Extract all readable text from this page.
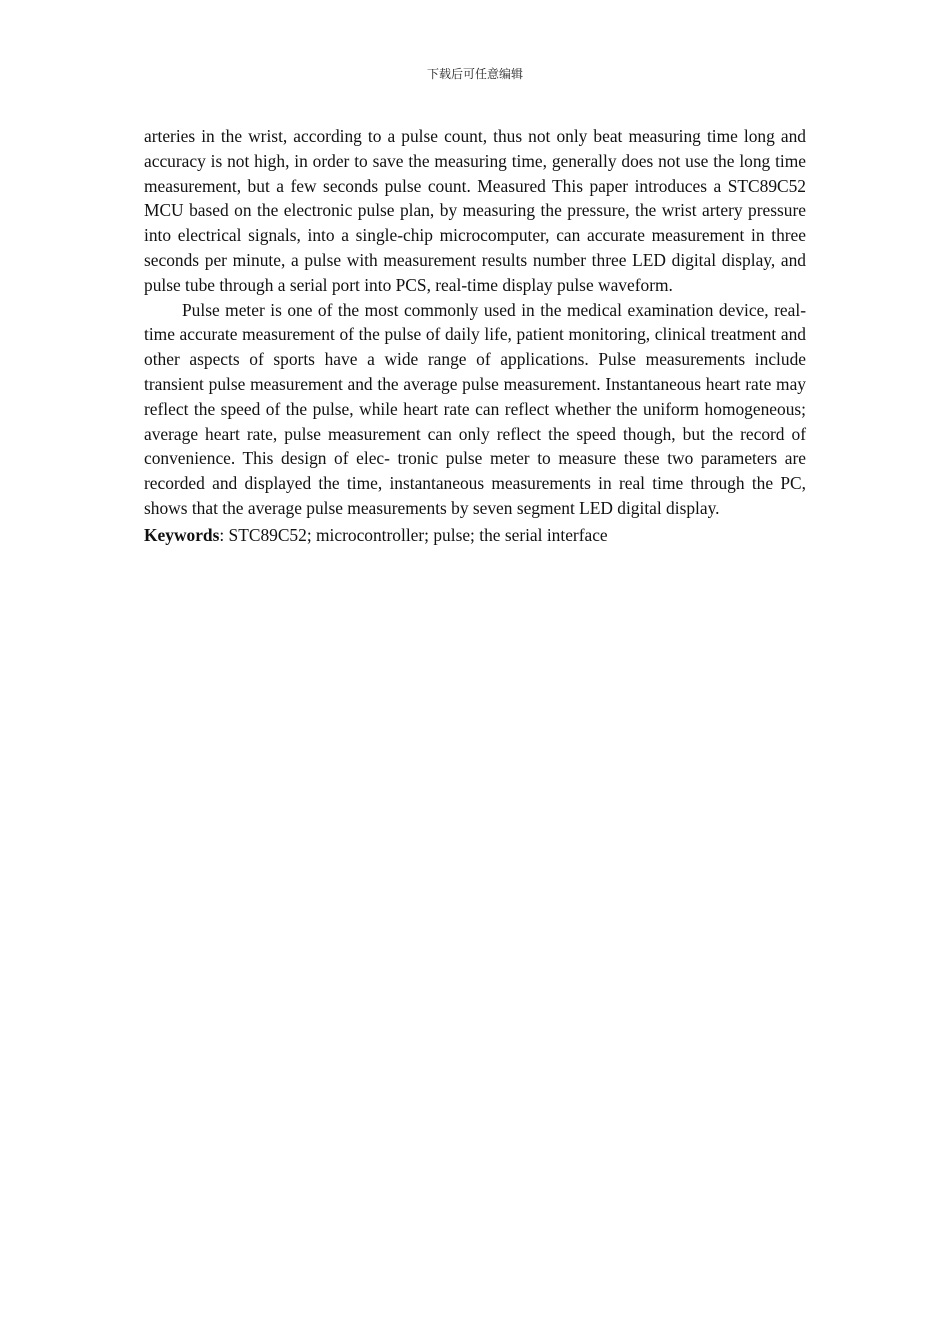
下载后可任意编辑

arteries in the wrist, according to a pulse count, thus not only beat measuring time long and accuracy is not high, in order to save the measuring time, generally does not use the long time measurement, but a few seconds pulse count. Measured This paper introduces a STC89C52 MCU based on the electronic pulse plan, by measuring the pressure, the wrist artery pressure into electrical signals, into a single-chip microcomputer, can accurate measurement in three seconds per minute, a pulse with measurement results number three LED digital display, and pulse tube through a serial port into PCS, real-time display pulse waveform.

Pulse meter is one of the most commonly used in the medical examination device, real-time accurate measurement of the pulse of daily life, patient monitoring, clinical treatment and other aspects of sports have a wide range of applications. Pulse measurements include transient pulse measurement and the average pulse measurement. Instantaneous heart rate may reflect the speed of the pulse, while heart rate can reflect whether the uniform homogeneous; average heart rate, pulse measurement can only reflect the speed though, but the record of convenience. This design of elec- tronic pulse meter to measure these two parameters are recorded and displayed the time, instantaneous measurements in real time through the PC, shows that the average pulse measurements by seven segment LED digital display.

Keywords: STC89C52; microcontroller; pulse; the serial interface
